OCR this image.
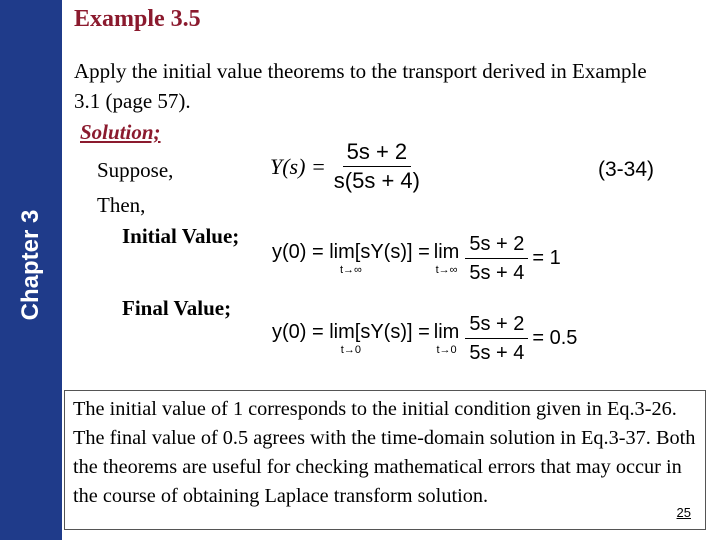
Chapter 3
Example 3.5
Apply the initial value theorems to the transport derived in Example 3.1 (page 57).
Solution;
Suppose,
Then,
Initial Value;
Final Value;
$Y(s) = \frac{5s + 2}{s(5s + 4)}$	(3-34)
y(0) = lim[sY(s)] =
t→∞
lim
$t\to\infty \frac{5s + 2}{5s + 4} = 1$
y(0) = lim[sY(s)] =
t→0
lim
$t\to 0 \frac{5s + 2}{5s + 4} = 0.5$
The initial value of 1 corresponds to the initial condition given in Eq.3-26. The final value of 0.5 agrees with the time-domain solution in Eq.3-37. Both the theorems are useful for checking mathematical errors that may occur in the course of obtaining Laplace transform solution.
25
